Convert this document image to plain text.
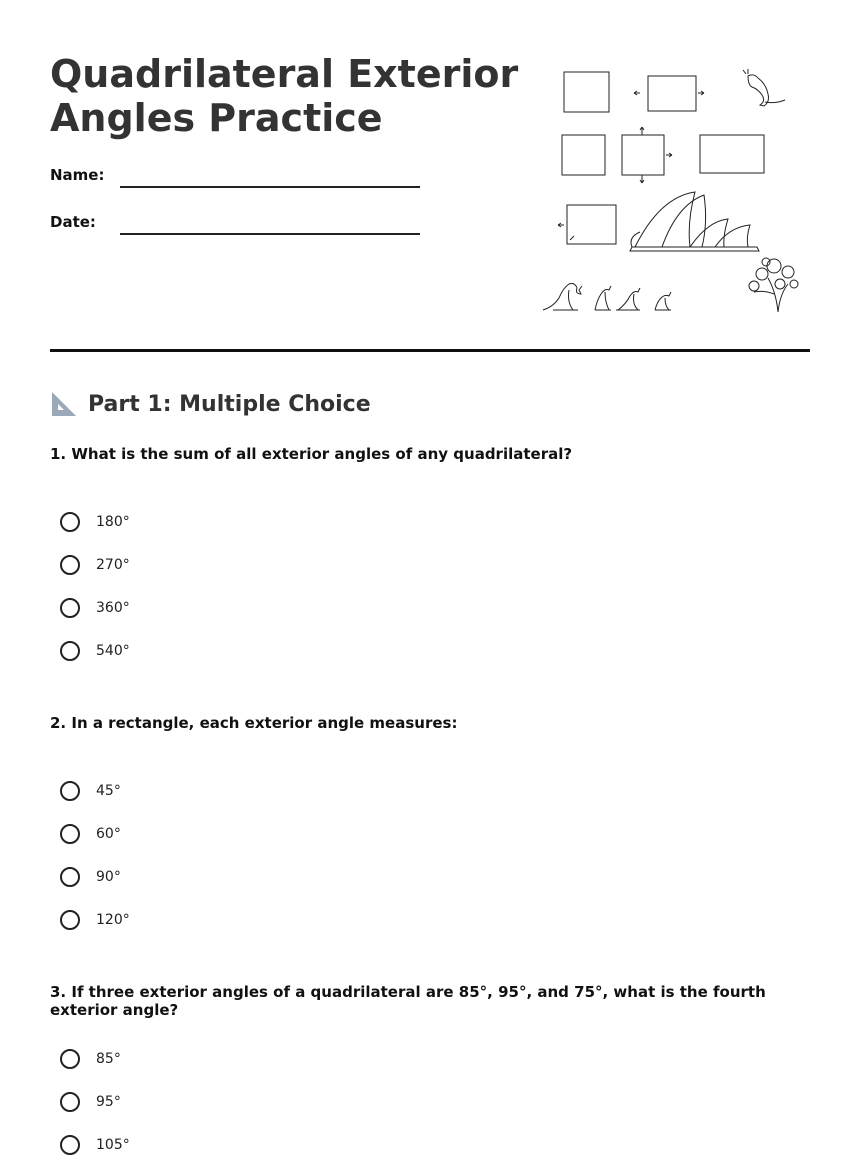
Quadrilateral Exterior
Angles Practice
Name:
Date:
Part 1: Multiple Choice
1. What is the sum of all exterior angles of any quadrilateral?
180°
270°
360°
540°
2. In a rectangle, each exterior angle measures:
45°
60°
90°
120°
3. If three exterior angles of a quadrilateral are 85°, 95°, and 75°, what is the fourth exterior angle?
85°
95°
105°
